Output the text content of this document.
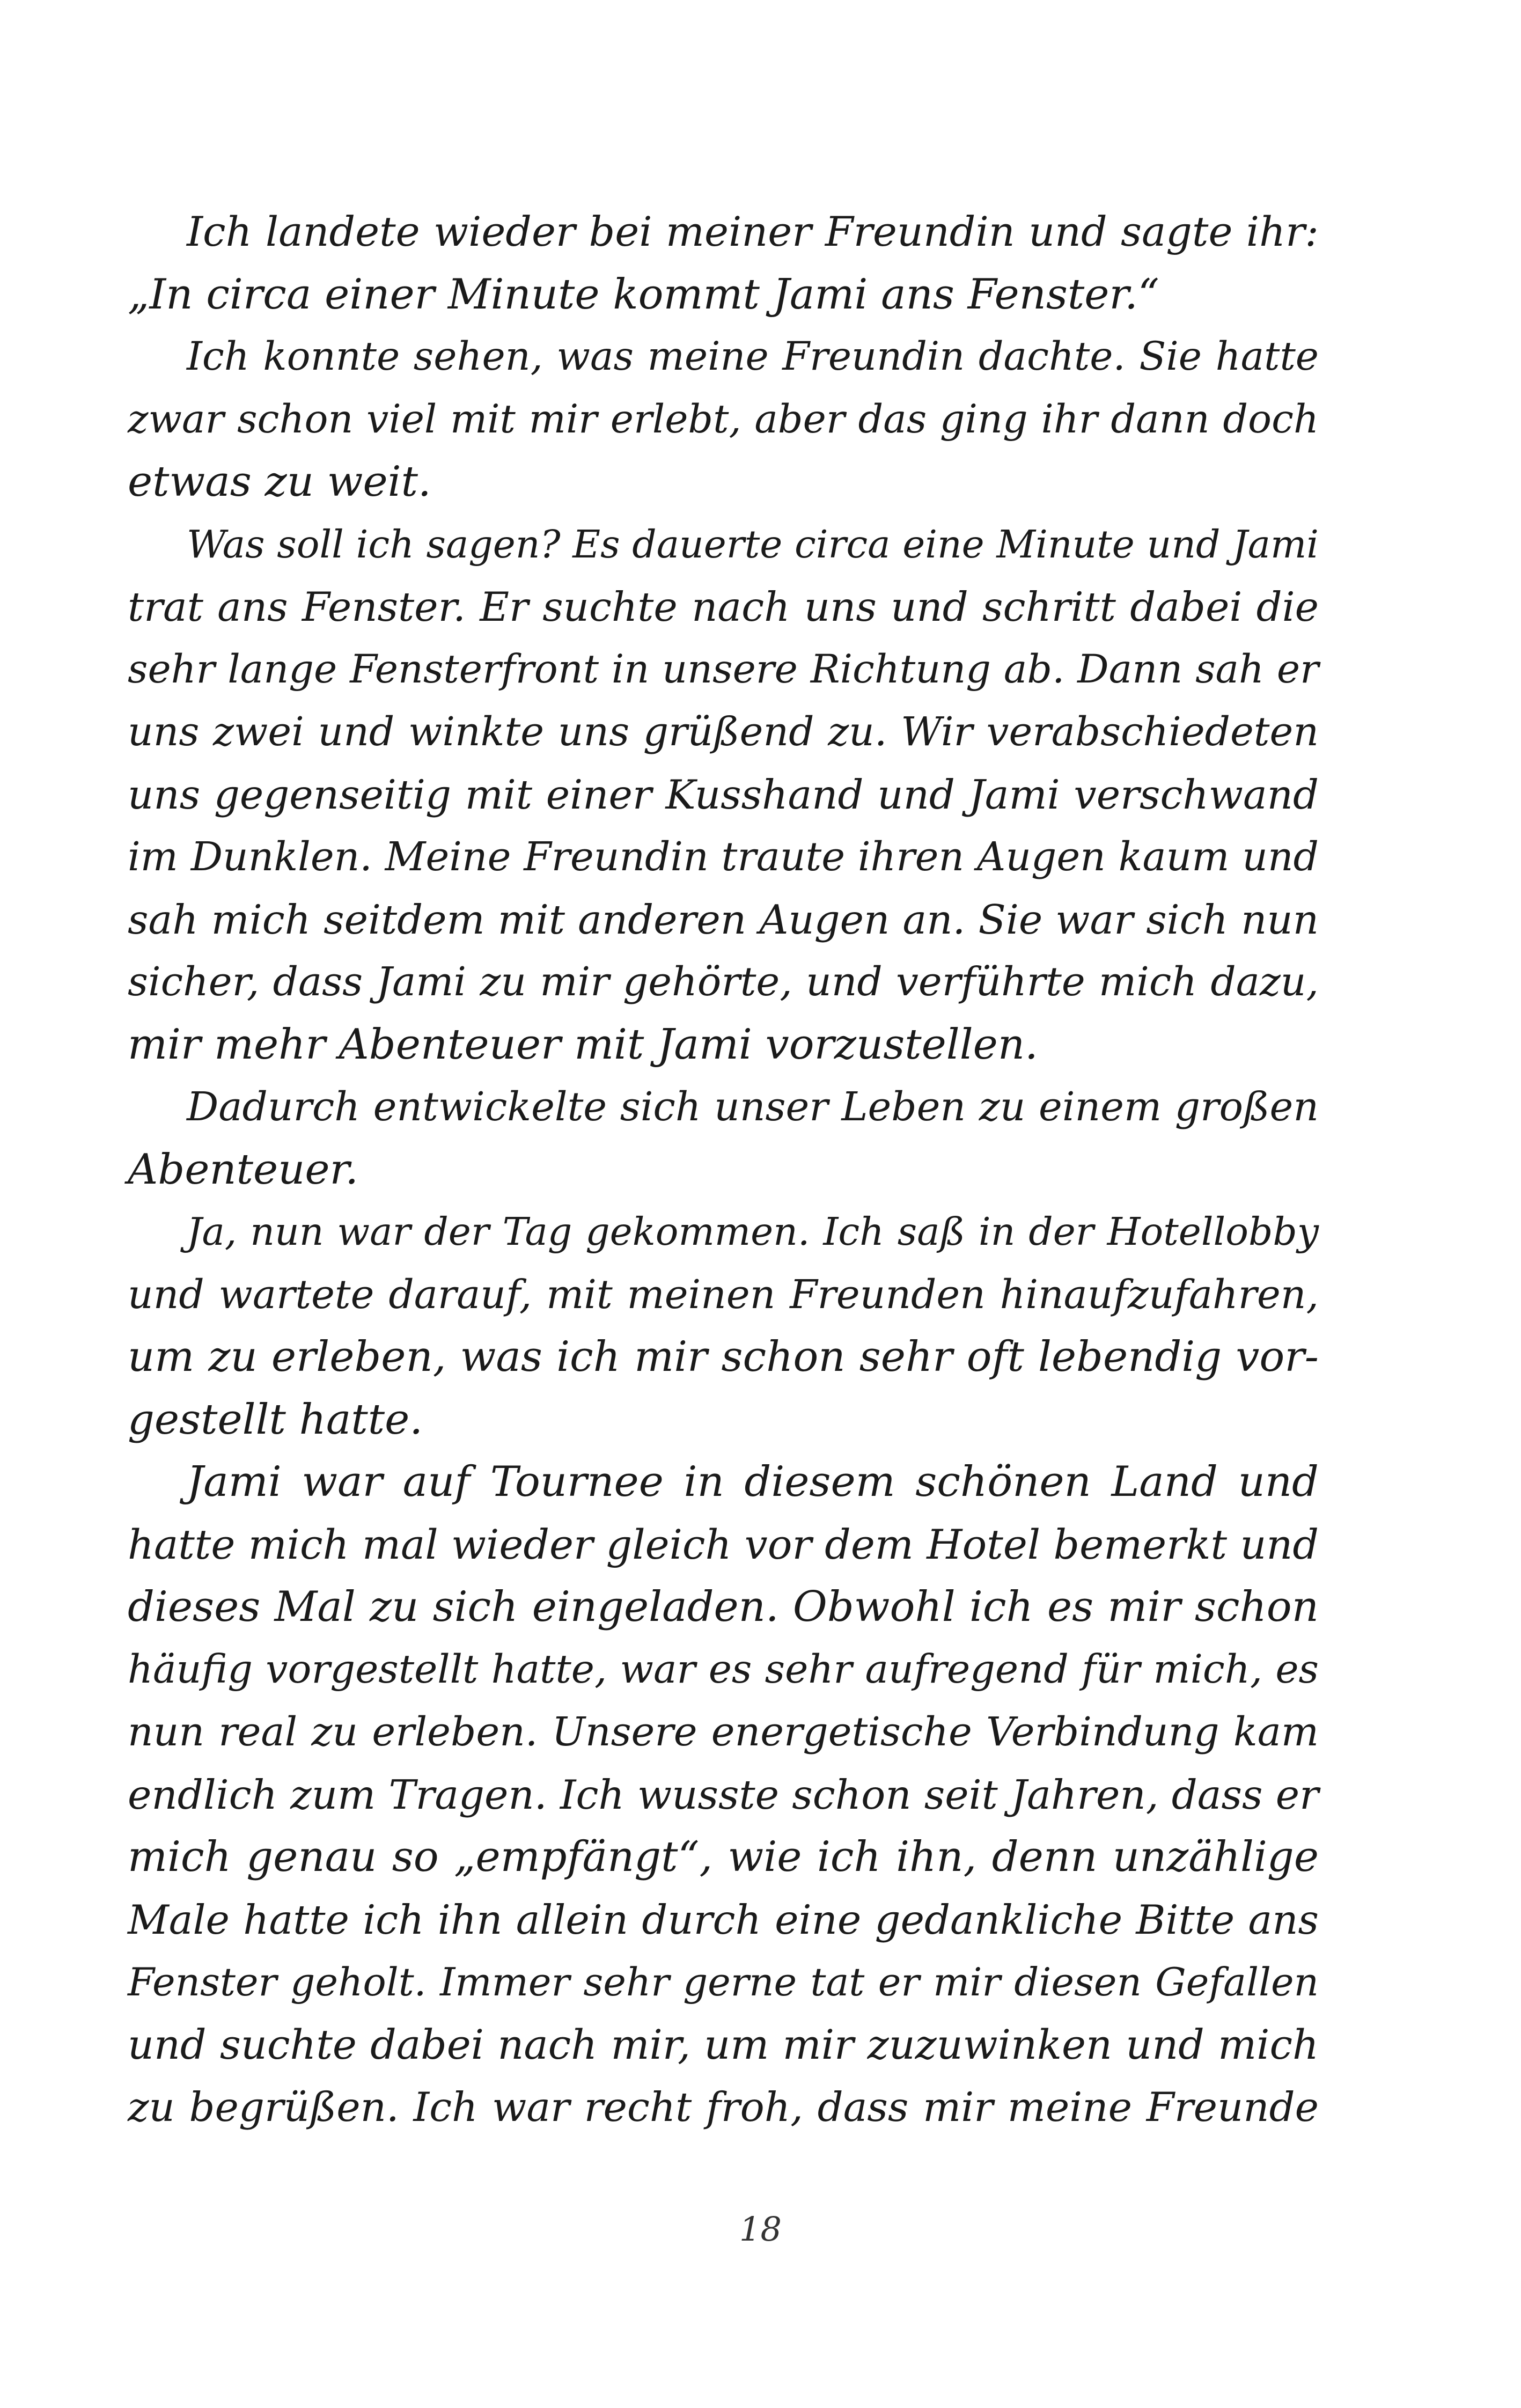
Ich landete wieder bei meiner Freundin und sagte ihr:
„In circa einer Minute kommt Jami ans Fenster.“
Ich konnte sehen, was meine Freundin dachte. Sie hatte
zwar schon viel mit mir erlebt, aber das ging ihr dann doch
etwas zu weit.
Was soll ich sagen? Es dauerte circa eine Minute und Jami
trat ans Fenster. Er suchte nach uns und schritt dabei die
sehr lange Fensterfront in unsere Richtung ab. Dann sah er
uns zwei und winkte uns grüßend zu. Wir verabschiedeten
uns gegenseitig mit einer Kusshand und Jami verschwand
im Dunklen. Meine Freundin traute ihren Augen kaum und
sah mich seitdem mit anderen Augen an. Sie war sich nun
sicher, dass Jami zu mir gehörte, und verführte mich dazu,
mir mehr Abenteuer mit Jami vorzustellen.
Dadurch entwickelte sich unser Leben zu einem großen
Abenteuer.
Ja, nun war der Tag gekommen. Ich saß in der Hotellobby
und wartete darauf, mit meinen Freunden hinaufzufahren,
um zu erleben, was ich mir schon sehr oft lebendig vor-
gestellt hatte.
Jami war auf Tournee in diesem schönen Land und
hatte mich mal wieder gleich vor dem Hotel bemerkt und
dieses Mal zu sich eingeladen. Obwohl ich es mir schon
häufig vorgestellt hatte, war es sehr aufregend für mich, es
nun real zu erleben. Unsere energetische Verbindung kam
endlich zum Tragen. Ich wusste schon seit Jahren, dass er
mich genau so „empfängt“, wie ich ihn, denn unzählige
Male hatte ich ihn allein durch eine gedankliche Bitte ans
Fenster geholt. Immer sehr gerne tat er mir diesen Gefallen
und suchte dabei nach mir, um mir zuzuwinken und mich
zu begrüßen. Ich war recht froh, dass mir meine Freunde
18
